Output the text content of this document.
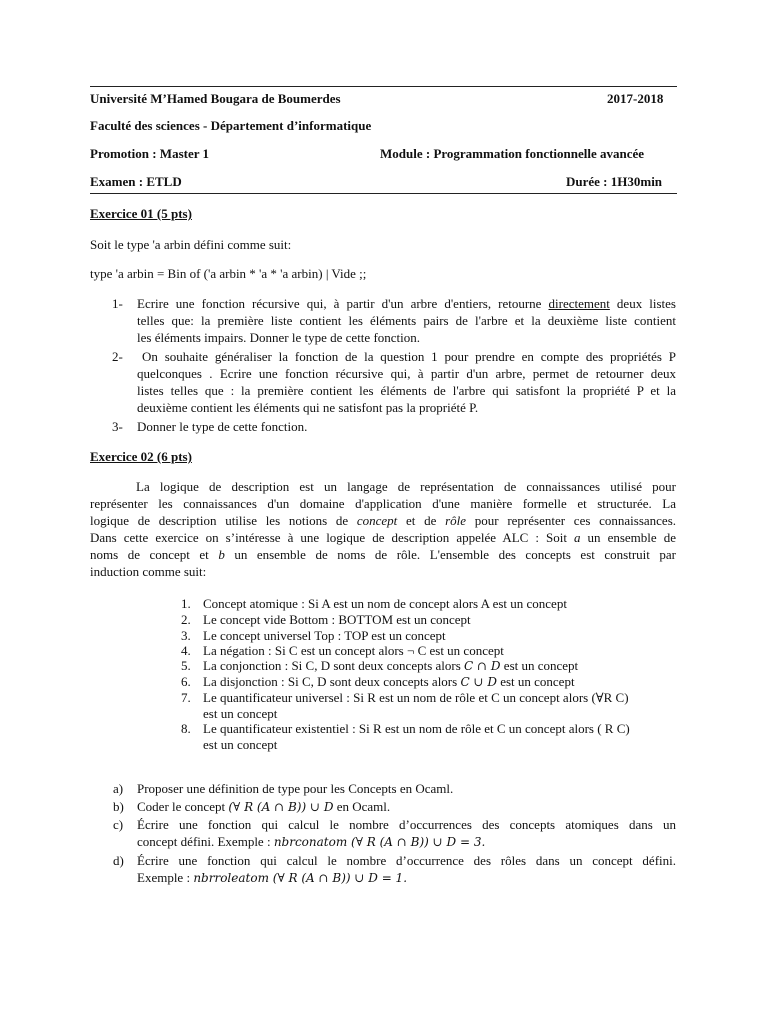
Université M’Hamed Bougara de Boumerdes	2017-2018
Faculté des sciences - Département d’informatique
Promotion : Master 1	Module : Programmation fonctionnelle avancée
Examen : ETLD	Durée : 1H30min
Exercice 01 (5 pts)
Soit le type 'a arbin défini comme suit:
type 'a arbin = Bin of ('a arbin * 'a * 'a arbin) | Vide ;;
1- Ecrire une fonction récursive qui, à partir d'un arbre d'entiers, retourne directement deux listes
telles que: la première liste contient les éléments pairs de l'arbre et la deuxième liste contient
les éléments impairs. Donner le type de cette fonction.
2- On souhaite généraliser la fonction de la question 1 pour prendre en compte des propriétés P
quelconques . Ecrire une fonction récursive qui, à partir d'un arbre, permet de retourner deux
listes telles que : la première contient les éléments de l'arbre qui satisfont la propriété P et la
deuxième contient les éléments qui ne satisfont pas la propriété P.
3- Donner le type de cette fonction.
Exercice 02 (6 pts)
La logique de description est un langage de représentation de connaissances utilisé pour
représenter les connaissances d'un domaine d'application d'une manière formelle et structurée. La
logique de description utilise les notions de concept et de rôle pour représenter ces connaissances.
Dans cette exercice on s’intéresse à une logique de description appelée ALC : Soit a un ensemble de
noms de concept et b un ensemble de noms de rôle. L'ensemble des concepts est construit par
induction comme suit:
1. Concept atomique : Si A est un nom de concept alors A est un concept
2. Le concept vide Bottom : BOTTOM est un concept
3. Le concept universel Top : TOP est un concept
4. La négation : Si C est un concept alors ¬ C est un concept
5. La conjonction : Si C, D sont deux concepts alors C ∩ D est un concept
6. La disjonction : Si C, D sont deux concepts alors C ∪ D est un concept
7. Le quantificateur universel : Si R est un nom de rôle et C un concept alors (∀R C)
est un concept
8. Le quantificateur existentiel : Si R est un nom de rôle et C un concept alors ( R C)
est un concept
a) Proposer une définition de type pour les Concepts en Ocaml.
b) Coder le concept (∀ R (A ∩ B)) ∪ D en Ocaml.
c) Écrire une fonction qui calcul le nombre d’occurrences des concepts atomiques dans un
concept défini. Exemple : nbrconatom (∀ R (A ∩ B)) ∪ D = 3.
d) Écrire une fonction qui calcul le nombre d’occurrence des rôles dans un concept défini.
Exemple : nbrroleatom (∀ R (A ∩ B)) ∪ D = 1.
